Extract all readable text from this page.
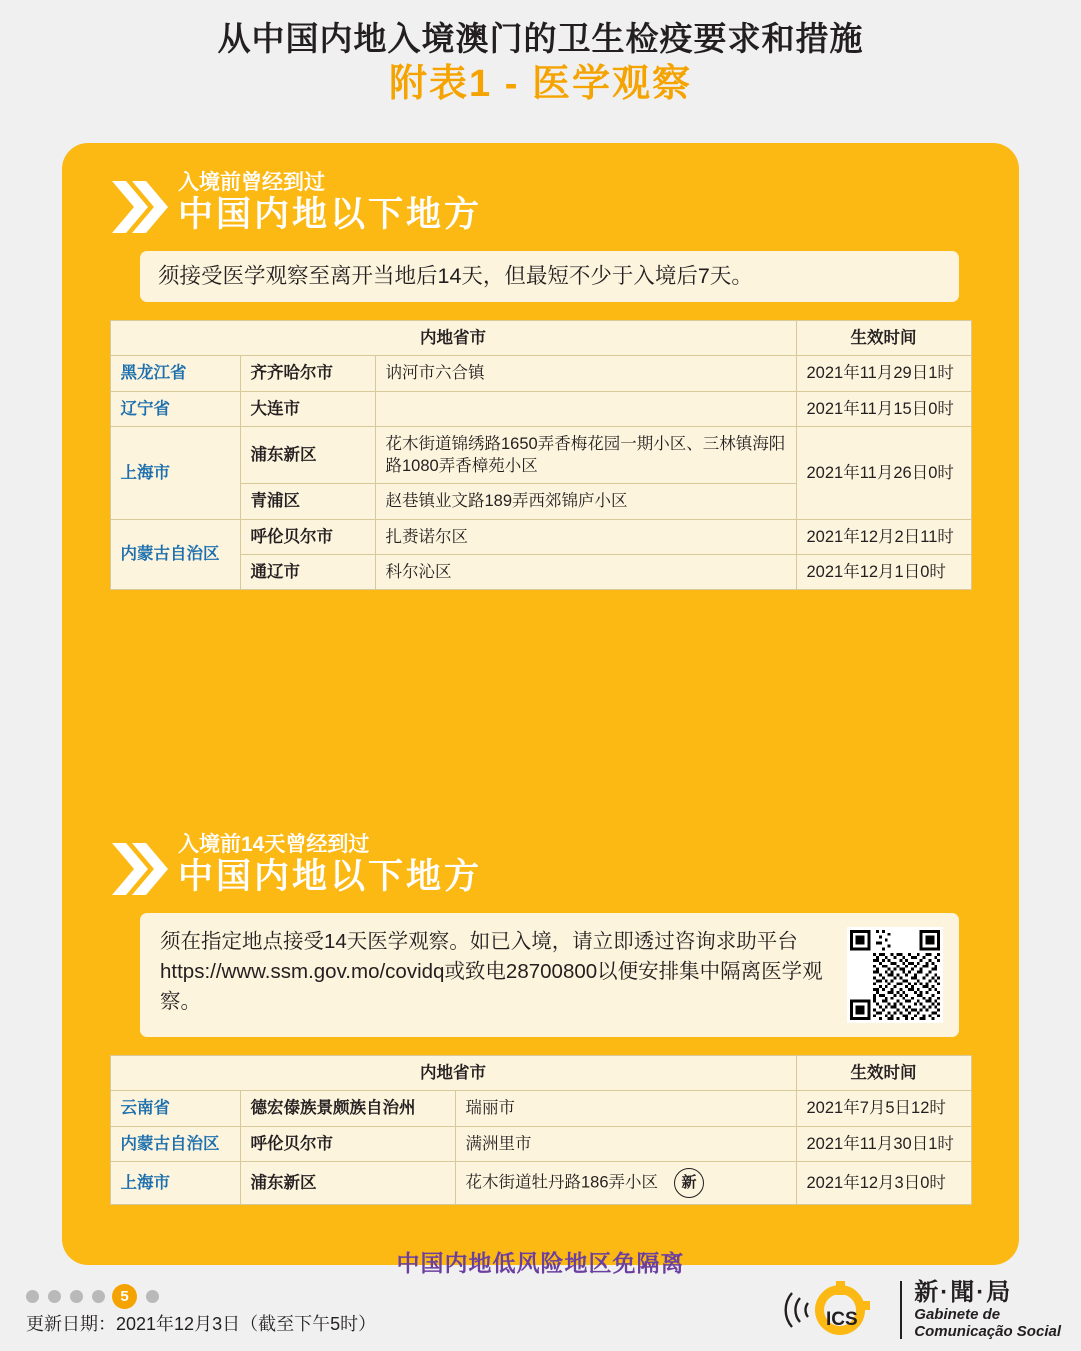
从中国内地入境澳门的卫生检疫要求和措施
附表1 - 医学观察
入境前曾经到过
中国内地以下地方
须接受医学观察至离开当地后14天，但最短不少于入境后7天。
内地省市			生效时间
黑龙江省	齐齐哈尔市	讷河市六合镇	2021年11月29日1时
辽宁省	大连市		2021年11月15日0时
上海市	浦东新区	花木街道锦绣路1650弄香梅花园一期小区、三林镇海阳路1080弄香樟苑小区	2021年11月26日0时
	青浦区	赵巷镇业文路189弄西郊锦庐小区	
内蒙古自治区	呼伦贝尔市	扎赉诺尔区	2021年12月2日11时
	通辽市	科尔沁区	2021年12月1日0时
入境前14天曾经到过
中国内地以下地方
须在指定地点接受14天医学观察。如已入境，请立即透过咨询求助平台https://www.ssm.gov.mo/covidq或致电28700800以便安排集中隔离医学观察。
内地省市			生效时间
云南省	德宏傣族景颇族自治州	瑞丽市	2021年7月5日12时
内蒙古自治区	呼伦贝尔市	满洲里市	2021年11月30日1时
上海市	浦东新区	花木街道牡丹路186弄小区 新	2021年12月3日0时
中国内地低风险地区免隔离
5
更新日期：2021年12月3日（截至下午5时）	ICS
新·聞·局
Gabinete de
Comunicação Social
